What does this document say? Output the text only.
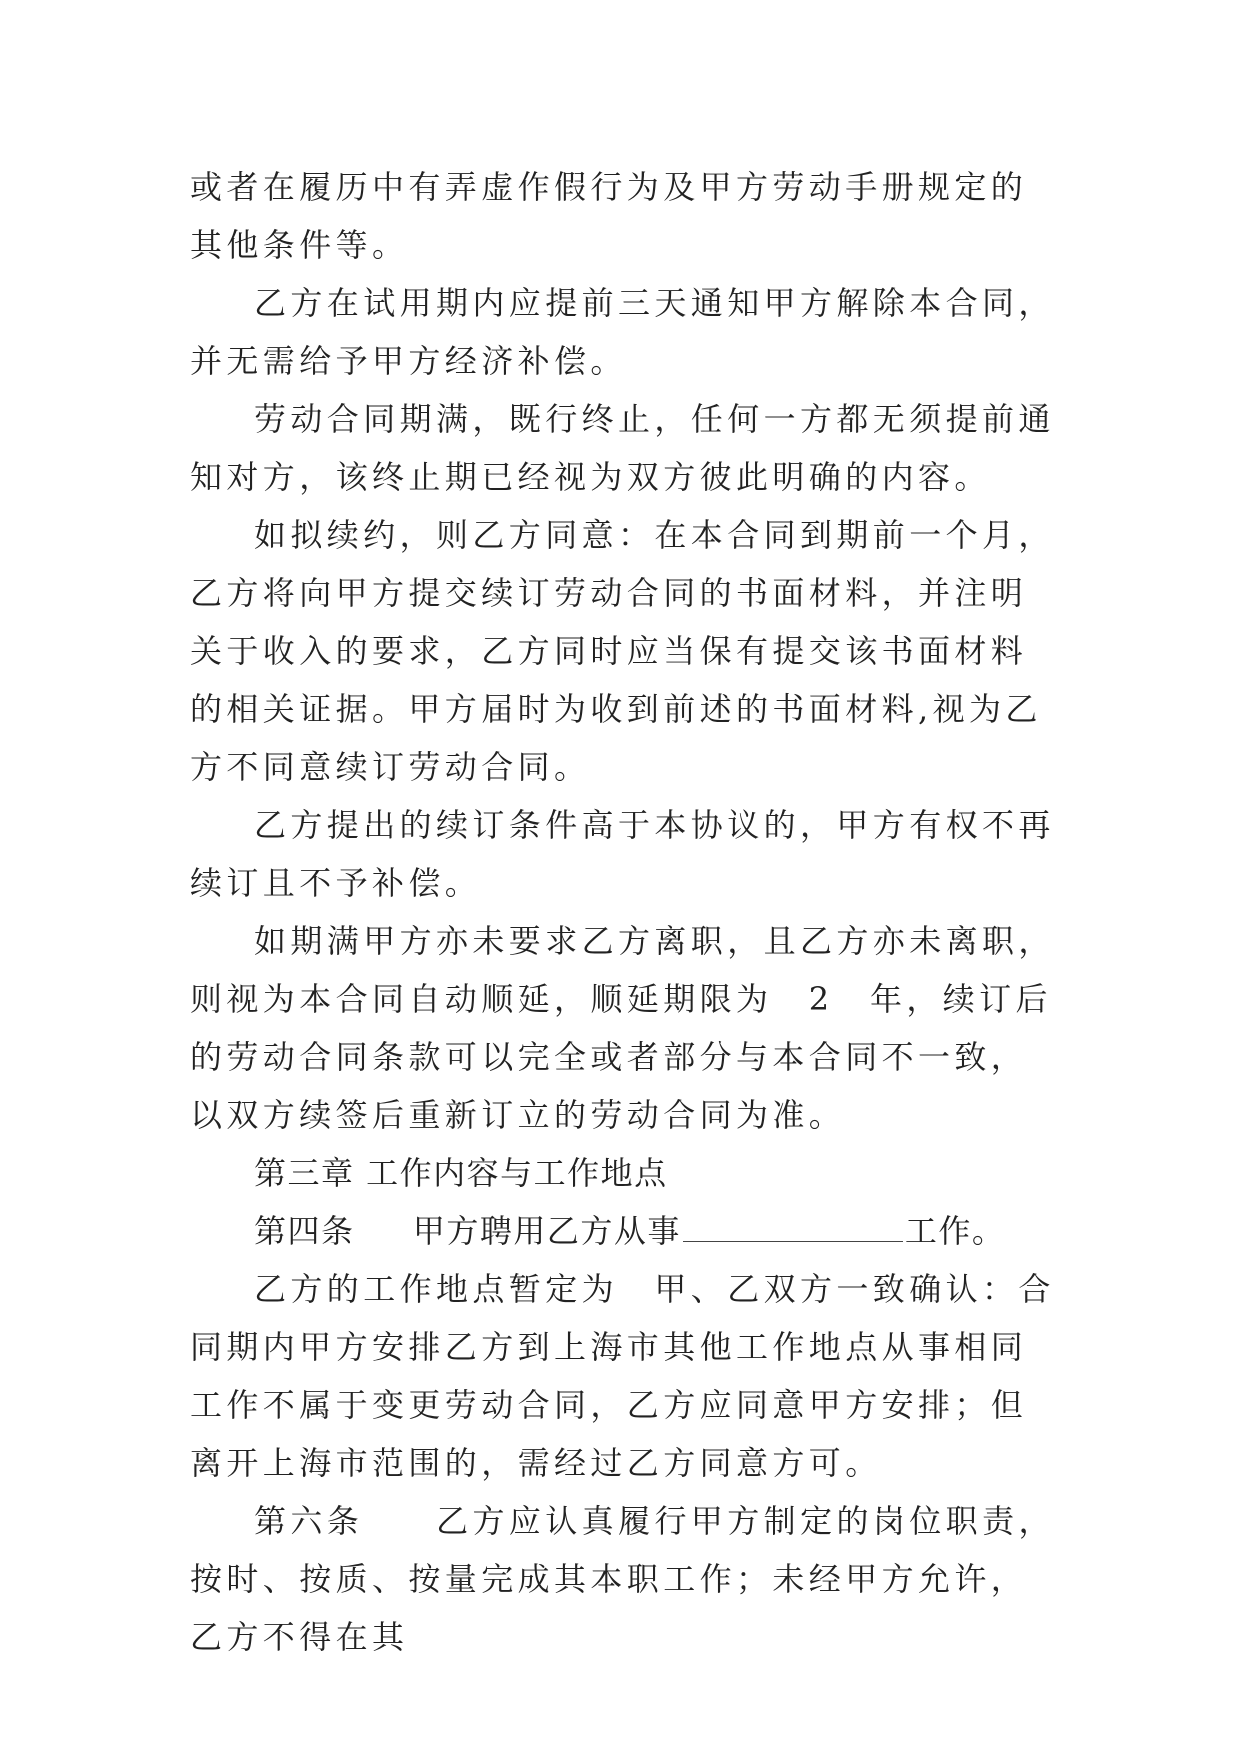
或者在履历中有弄虚作假行为及甲方劳动手册规定的其他条件等。

乙方在试用期内应提前三天通知甲方解除本合同，并无需给予甲方经济补偿。

劳动合同期满，既行终止，任何一方都无须提前通知对方，该终止期已经视为双方彼此明确的内容。

如拟续约，则乙方同意：在本合同到期前一个月，乙方将向甲方提交续订劳动合同的书面材料，并注明关于收入的要求，乙方同时应当保有提交该书面材料的相关证据。甲方届时为收到前述的书面材料,视为乙方不同意续订劳动合同。

乙方提出的续订条件高于本协议的，甲方有权不再续订且不予补偿。

如期满甲方亦未要求乙方离职，且乙方亦未离职，则视为本合同自动顺延，顺延期限为　2　年，续订后的劳动合同条款可以完全或者部分与本合同不一致，以双方续签后重新订立的劳动合同为准。

第三章 工作内容与工作地点

第四条 甲方聘用乙方从事	工作。

乙方的工作地点暂定为　甲、乙双方一致确认：合同期内甲方安排乙方到上海市其他工作地点从事相同工作不属于变更劳动合同，乙方应同意甲方安排；但离开上海市范围的，需经过乙方同意方可。

第六条 乙方应认真履行甲方制定的岗位职责，按时、按质、按量完成其本职工作；未经甲方允许，乙方不得在其
